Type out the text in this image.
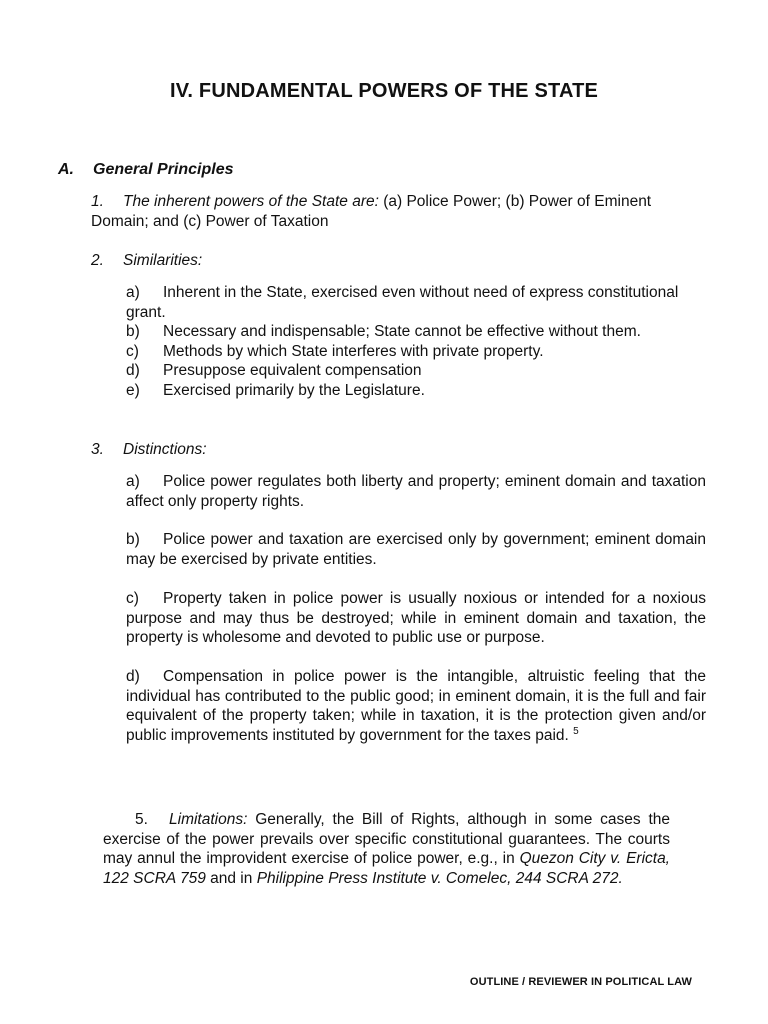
IV. FUNDAMENTAL POWERS OF THE STATE
A. General Principles
1. The inherent powers of the State are: (a) Police Power; (b) Power of Eminent Domain; and (c) Power of Taxation
2. Similarities:
a) Inherent in the State, exercised even without need of express constitutional grant.
b) Necessary and indispensable; State cannot be effective without them.
c) Methods by which State interferes with private property.
d) Presuppose equivalent compensation
e) Exercised primarily by the Legislature.
3. Distinctions:
a) Police power regulates both liberty and property; eminent domain and taxation affect only property rights.
b) Police power and taxation are exercised only by government; eminent domain may be exercised by private entities.
c) Property taken in police power is usually noxious or intended for a noxious purpose and may thus be destroyed; while in eminent domain and taxation, the property is wholesome and devoted to public use or purpose.
d) Compensation in police power is the intangible, altruistic feeling that the individual has contributed to the public good; in eminent domain, it is the full and fair equivalent of the property taken; while in taxation, it is the protection given and/or public improvements instituted by government for the taxes paid. $^5$
5. Limitations: Generally, the Bill of Rights, although in some cases the exercise of the power prevails over specific constitutional guarantees. The courts may annul the improvident exercise of police power, e.g., in Quezon City v. Ericta, 122 SCRA 759 and in Philippine Press Institute v. Comelec, 244 SCRA 272.
OUTLINE / REVIEWER IN POLITICAL LAW
